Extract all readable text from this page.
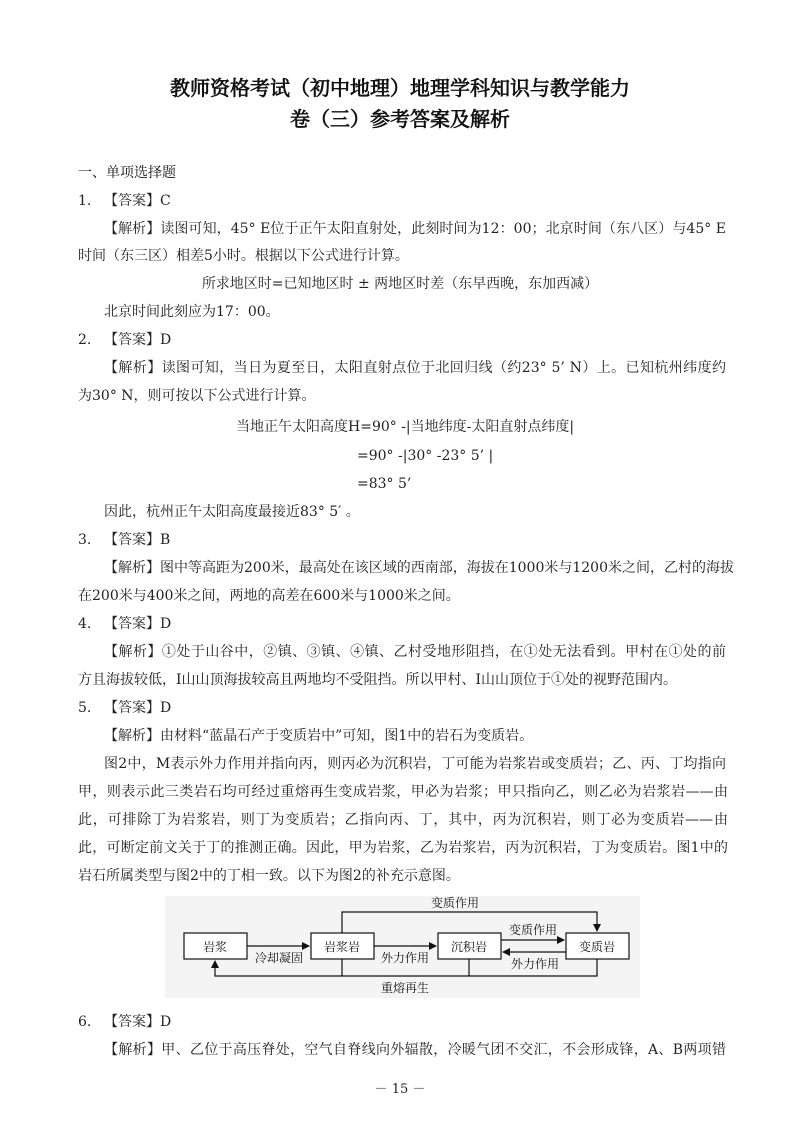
教师资格考试（初中地理）地理学科知识与教学能力
卷（三）参考答案及解析
一、单项选择题
1. 【答案】C
【解析】读图可知，45° E位于正午太阳直射处，此刻时间为12：00；北京时间（东八区）与45° E
时间（东三区）相差5小时。根据以下公式进行计算。
所求地区时=已知地区时 ± 两地区时差（东早西晚，东加西减）
北京时间此刻应为17：00。
2. 【答案】D
【解析】读图可知，当日为夏至日，太阳直射点位于北回归线（约23° 5’ N）上。已知杭州纬度约
为30° N，则可按以下公式进行计算。
当地正午太阳高度H=90° -|当地纬度-太阳直射点纬度|
=90° -|30° -23° 5’ |
=83° 5’
因此，杭州正午太阳高度最接近83° 5′ 。
3. 【答案】B
【解析】图中等高距为200米，最高处在该区域的西南部，海拔在1000米与1200米之间，乙村的海拔
在200米与400米之间，两地的高差在600米与1000米之间。
4. 【答案】D
【解析】①处于山谷中，②镇、③镇、④镇、乙村受地形阻挡，在①处无法看到。甲村在①处的前
方且海拔较低，I山山顶海拔较高且两地均不受阻挡。所以甲村、I山山顶位于①处的视野范围内。
5. 【答案】D
【解析】由材料“蓝晶石产于变质岩中”可知，图1中的岩石为变质岩。
图2中，M表示外力作用并指向丙，则丙必为沉积岩，丁可能为岩浆岩或变质岩；乙、丙、丁均指向
甲，则表示此三类岩石均可经过重熔再生变成岩浆，甲必为岩浆；甲只指向乙，则乙必为岩浆岩——由
此，可排除丁为岩浆岩，则丁为变质岩；乙指向丙、丁，其中，丙为沉积岩，则丁必为变质岩——由
此，可断定前文关于丁的推测正确。因此，甲为岩浆，乙为岩浆岩，丙为沉积岩，丁为变质岩。图1中的
岩石所属类型与图2中的丁相一致。以下为图2的补充示意图。
岩浆	岩浆岩	沉积岩	变质岩
冷却凝固	外力作用
变质作用
外力作用
变质作用
重熔再生
6. 【答案】D
【解析】甲、乙位于高压脊处，空气自脊线向外辐散，冷暖气团不交汇，不会形成锋，A、B两项错
－ 15 －
